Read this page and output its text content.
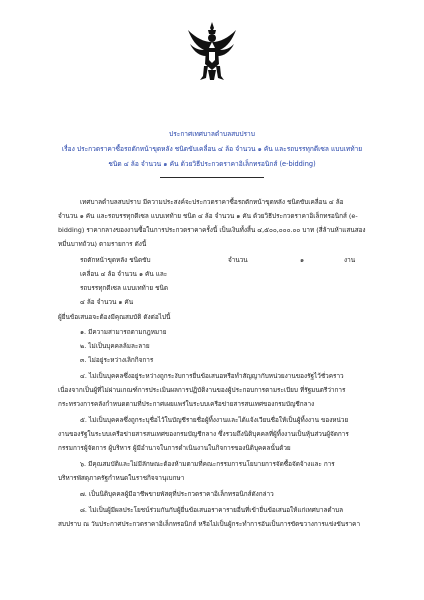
ประกาศเทศบาลตำบลสบปราบ

เรื่อง ประกวดราคาซื้อรถตักหน้าขุดหลัง ชนิดขับเคลื่อน ๔ ล้อ จำนวน ๑ คัน และรถบรรทุกดีเซล แบบเทท้าย

ชนิด ๔ ล้อ จำนวน ๑ คัน ด้วยวิธีประกวดราคาอิเล็กทรอนิกส์ (e-bidding)

เทศบาลตำบลสบปราบ มีความประสงค์จะประกวดราคาซื้อรถตักหน้าขุดหลัง ชนิดขับเคลื่อน ๔ ล้อ

จำนวน ๑ คัน และรถบรรทุกดีเซล แบบเทท้าย ชนิด ๔ ล้อ จำนวน ๑ คัน ด้วยวิธีประกวดราคาอิเล็กทรอนิกส์ (e-

bidding) ราคากลางของงานซื้อในการประกวดราคาครั้งนี้ เป็นเงินทั้งสิ้น ๔,๕๐๐,๐๐๐.๐๐ บาท (สี่ล้านห้าแสนสอง

หมื่นบาทถ้วน) ตามรายการ ดังนี้

รถตักหน้าขุดหลัง ชนิดขับ

เคลื่อน ๔ ล้อ จำนวน ๑ คัน และ

รถบรรทุกดีเซล แบบเทท้าย ชนิด

๔ ล้อ จำนวน ๑ คัน

จำนวน	๑	งาน

ผู้ยื่นข้อเสนอจะต้องมีคุณสมบัติ ดังต่อไปนี้

๑. มีความสามารถตามกฎหมาย

๒. ไม่เป็นบุคคลล้มละลาย

๓. ไม่อยู่ระหว่างเลิกกิจการ

๔. ไม่เป็นบุคคลซึ่งอยู่ระหว่างถูกระงับการยื่นข้อเสนอหรือทำสัญญากับหน่วยงานของรัฐไว้ชั่วคราว

เนื่องจากเป็นผู้ที่ไม่ผ่านเกณฑ์การประเมินผลการปฏิบัติงานของผู้ประกอบการตามระเบียบ ที่รัฐมนตรีว่าการ

กระทรวงการคลังกำหนดตามที่ประกาศเผยแพร่ในระบบเครือข่ายสารสนเทศของกรมบัญชีกลาง

๕. ไม่เป็นบุคคลซึ่งถูกระบุชื่อไว้ในบัญชีรายชื่อผู้ทิ้งงานและได้แจ้งเวียนชื่อให้เป็นผู้ทิ้งงาน ของหน่วย

งานของรัฐในระบบเครือข่ายสารสนเทศของกรมบัญชีกลาง ซึ่งรวมถึงนิติบุคคลที่ผู้ทิ้งงานเป็นหุ้นส่วนผู้จัดการ

กรรมการผู้จัดการ ผู้บริหาร ผู้มีอำนาจในการดำเนินงานในกิจการของนิติบุคคลนั้นด้วย

๖. มีคุณสมบัติและไม่มีลักษณะต้องห้ามตามที่คณะกรรมการนโยบายการจัดซื้อจัดจ้างและ การ

บริหารพัสดุภาครัฐกำหนดในราชกิจจานุเบกษา

๗. เป็นนิติบุคคลผู้มีอาชีพขายพัสดุที่ประกวดราคาอิเล็กทรอนิกส์ดังกล่าว

๘. ไม่เป็นผู้มีผลประโยชน์ร่วมกันกับผู้ยื่นข้อเสนอราคารายอื่นที่เข้ายื่นข้อเสนอให้แก่เทศบาลตำบล

สบปราบ ณ วันประกาศประกวดราคาอิเล็กทรอนิกส์ หรือไม่เป็นผู้กระทำการอันเป็นการขัดขวางการแข่งขันราคา
